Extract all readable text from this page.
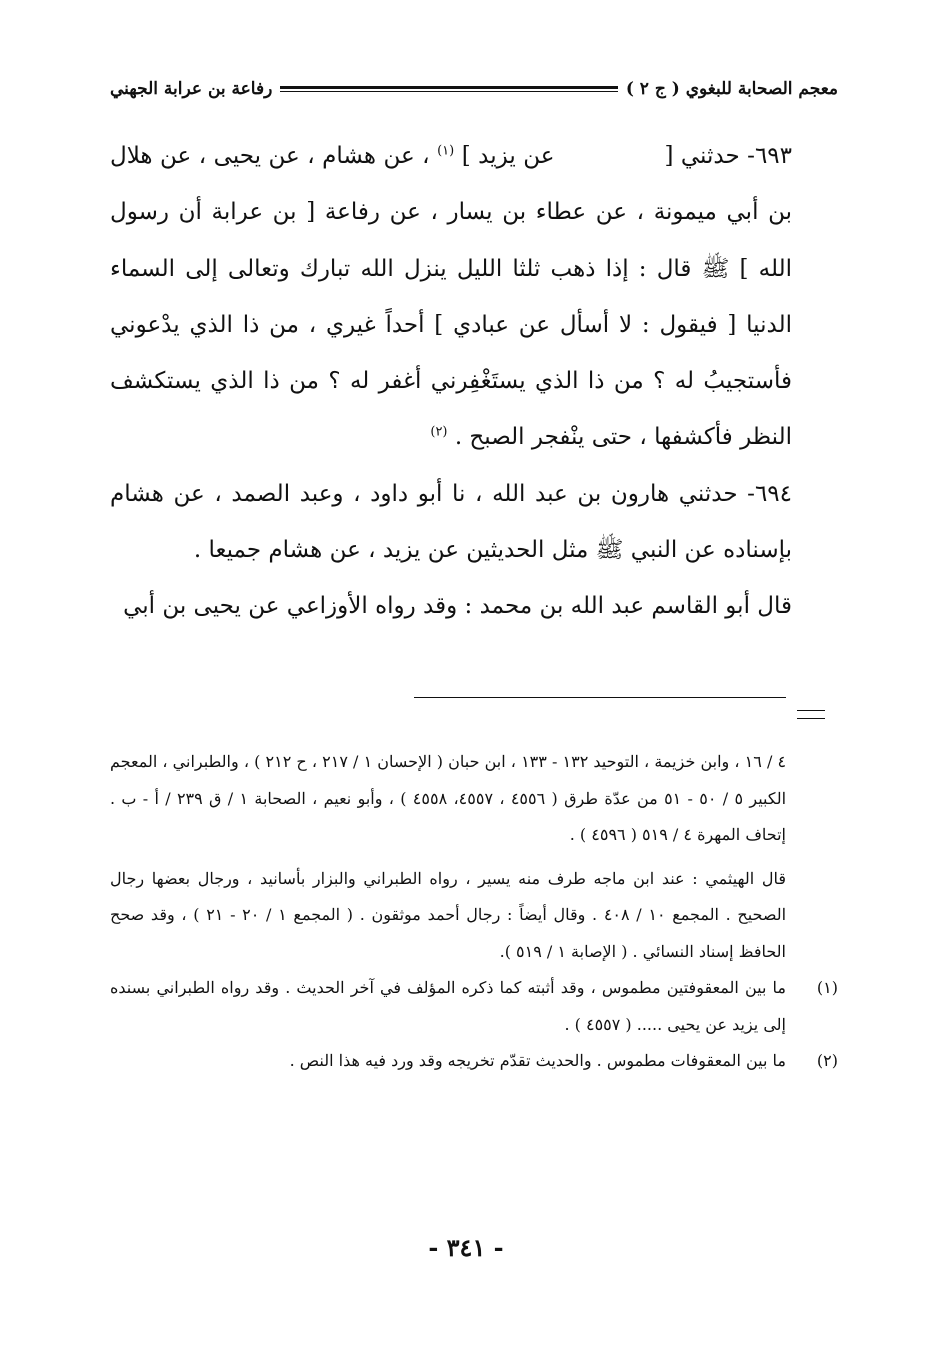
معجم الصحابة للبغوي ( ج ٢ )
رفاعة بن عرابة الجهني

٦٩٣- حدثني [عن يزيد ] $^{(١)}$ ، عن هشام ، عن يحيى ، عن هلال بن أبي ميمونة ، عن عطاء بن يسار ، عن رفاعة [ بن عرابة أن رسول الله ] ﷺ قال : إذا ذهب ثلثا الليل ينزل الله تبارك وتعالى إلى السماء الدنيا [ فيقول : لا أسأل عن عبادي ] أحداً غيري ، من ذا الذي يدْعوني فأستجيبُ له ؟ من ذا الذي يستَغْفِرني أغفر له ؟ من ذا الذي يستكشف النظر فأكشفها ، حتى ينْفجر الصبح . $^{(٢)}$

٦٩٤- حدثني هارون بن عبد الله ، نا أبو داود ، وعبد الصمد ، عن هشام بإسناده عن النبي ﷺ مثل الحديثين عن يزيد ، عن هشام جميعا .

قال أبو القاسم عبد الله بن محمد : وقد رواه الأوزاعي عن يحيى بن أبي

٤ / ١٦ ، وابن خزيمة ، التوحيد ١٣٢ - ١٣٣ ، ابن حبان ( الإحسان ١ / ٢١٧ ، ح ٢١٢ ) ، والطبراني ، المعجم الكبير ٥ / ٥٠ - ٥١ من عدّة طرق ( ٤٥٥٦ ، ٤٥٥٧، ٤٥٥٨ ) ، وأبو نعيم ، الصحابة ١ / ق ٢٣٩ / أ - ب . إتحاف المهرة ٤ / ٥١٩ ( ٤٥٩٦ ) .

قال الهيثمي : عند ابن ماجه طرف منه يسير ، رواه الطبراني والبزار بأسانيد ، ورجال بعضها رجال الصحيح . المجمع ١٠ / ٤٠٨ . وقال أيضاً : رجال أحمد موثقون . ( المجمع ١ / ٢٠ - ٢١ ) ، وقد صحح الحافظ إسناد النسائي . ( الإصابة ١ / ٥١٩ ).

(١)
ما بين المعقوفتين مطموس ، وقد أثبته كما ذكره المؤلف في آخر الحديث . وقد رواه الطبراني بسنده إلى يزيد عن يحيى ..... ( ٤٥٥٧ ) .
(٢)
ما بين المعقوفات مطموس . والحديث تقدّم تخريجه وقد ورد فيه هذا النص .
- ٣٤١ -
